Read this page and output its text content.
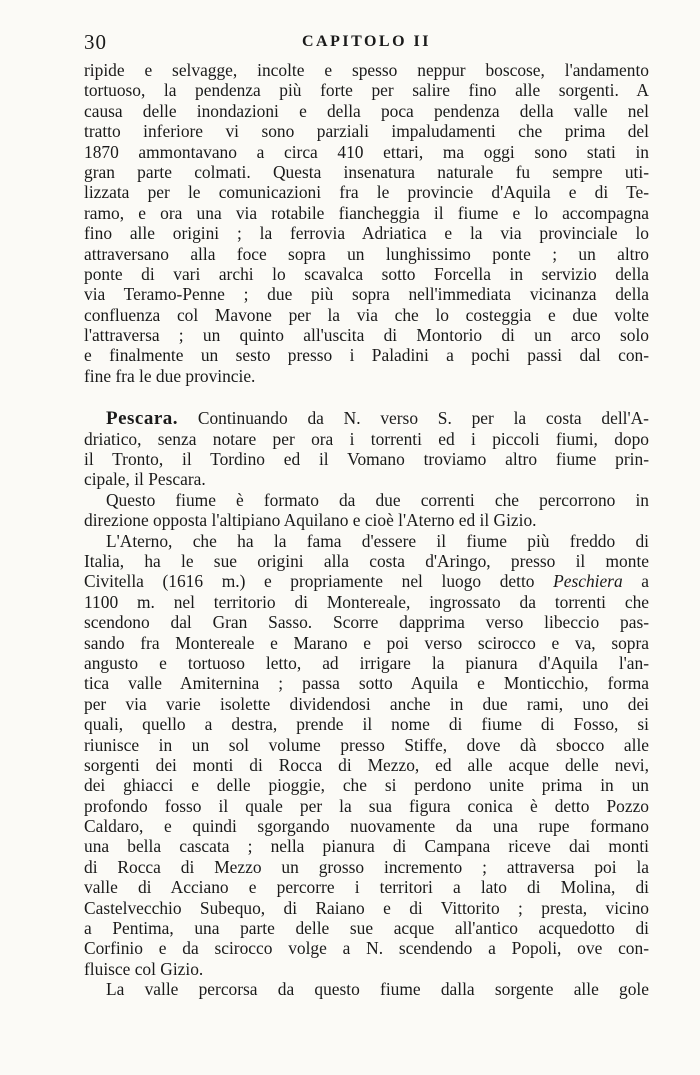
30	CAPITOLO II
ripide e selvagge, incolte e spesso neppur boscose, l'andamento
tortuoso, la pendenza più forte per salire fino alle sorgenti. A
causa delle inondazioni e della poca pendenza della valle nel
tratto inferiore vi sono parziali impaludamenti che prima del
1870 ammontavano a circa 410 ettari, ma oggi sono stati in
gran parte colmati. Questa insenatura naturale fu sempre uti-
lizzata per le comunicazioni fra le provincie d'Aquila e di Te-
ramo, e ora una via rotabile fiancheggia il fiume e lo accompagna
fino alle origini ; la ferrovia Adriatica e la via provinciale lo
attraversano alla foce sopra un lunghissimo ponte ; un altro
ponte di vari archi lo scavalca sotto Forcella in servizio della
via Teramo-Penne ; due più sopra nell'immediata vicinanza della
confluenza col Mavone per la via che lo costeggia e due volte
l'attraversa ; un quinto all'uscita di Montorio di un arco solo
e finalmente un sesto presso i Paladini a pochi passi dal con-
fine fra le due provincie.
Pescara. Continuando da N. verso S. per la costa dell'A-
driatico, senza notare per ora i torrenti ed i piccoli fiumi, dopo
il Tronto, il Tordino ed il Vomano troviamo altro fiume prin-
cipale, il Pescara.
Questo fiume è formato da due correnti che percorrono in
direzione opposta l'altipiano Aquilano e cioè l'Aterno ed il Gizio.
L'Aterno, che ha la fama d'essere il fiume più freddo di
Italia, ha le sue origini alla costa d'Aringo, presso il monte
Civitella (1616 m.) e propriamente nel luogo detto Peschiera a
1100 m. nel territorio di Montereale, ingrossato da torrenti che
scendono dal Gran Sasso. Scorre dapprima verso libeccio pas-
sando fra Montereale e Marano e poi verso scirocco e va, sopra
angusto e tortuoso letto, ad irrigare la pianura d'Aquila l'an-
tica valle Amiternina ; passa sotto Aquila e Monticchio, forma
per via varie isolette dividendosi anche in due rami, uno dei
quali, quello a destra, prende il nome di fiume di Fosso, si
riunisce in un sol volume presso Stiffe, dove dà sbocco alle
sorgenti dei monti di Rocca di Mezzo, ed alle acque delle nevi,
dei ghiacci e delle pioggie, che si perdono unite prima in un
profondo fosso il quale per la sua figura conica è detto Pozzo
Caldaro, e quindi sgorgando nuovamente da una rupe formano
una bella cascata ; nella pianura di Campana riceve dai monti
di Rocca di Mezzo un grosso incremento ; attraversa poi la
valle di Acciano e percorre i territori a lato di Molina, di
Castelvecchio Subequo, di Raiano e di Vittorito ; presta, vicino
a Pentima, una parte delle sue acque all'antico acquedotto di
Corfinio e da scirocco volge a N. scendendo a Popoli, ove con-
fluisce col Gizio.
La valle percorsa da questo fiume dalla sorgente alle gole
